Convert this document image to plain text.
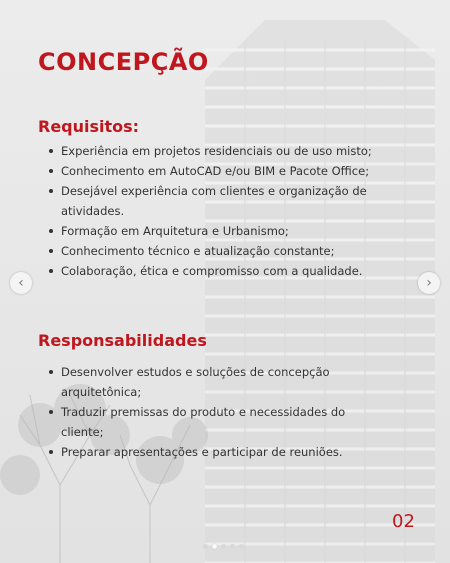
CONCEPÇÃO
Requisitos:
Experiência em projetos residenciais ou de uso misto;
Conhecimento em AutoCAD e/ou BIM e Pacote Office;
Desejável experiência com clientes e organização de atividades.
Formação em Arquitetura e Urbanismo;
Conhecimento técnico e atualização constante;
Colaboração, ética e compromisso com a qualidade.
Responsabilidades
Desenvolver estudos e soluções de concepção arquitetônica;
Traduzir premissas do produto e necessidades do cliente;
Preparar apresentações e participar de reuniões.

02

‹	›
